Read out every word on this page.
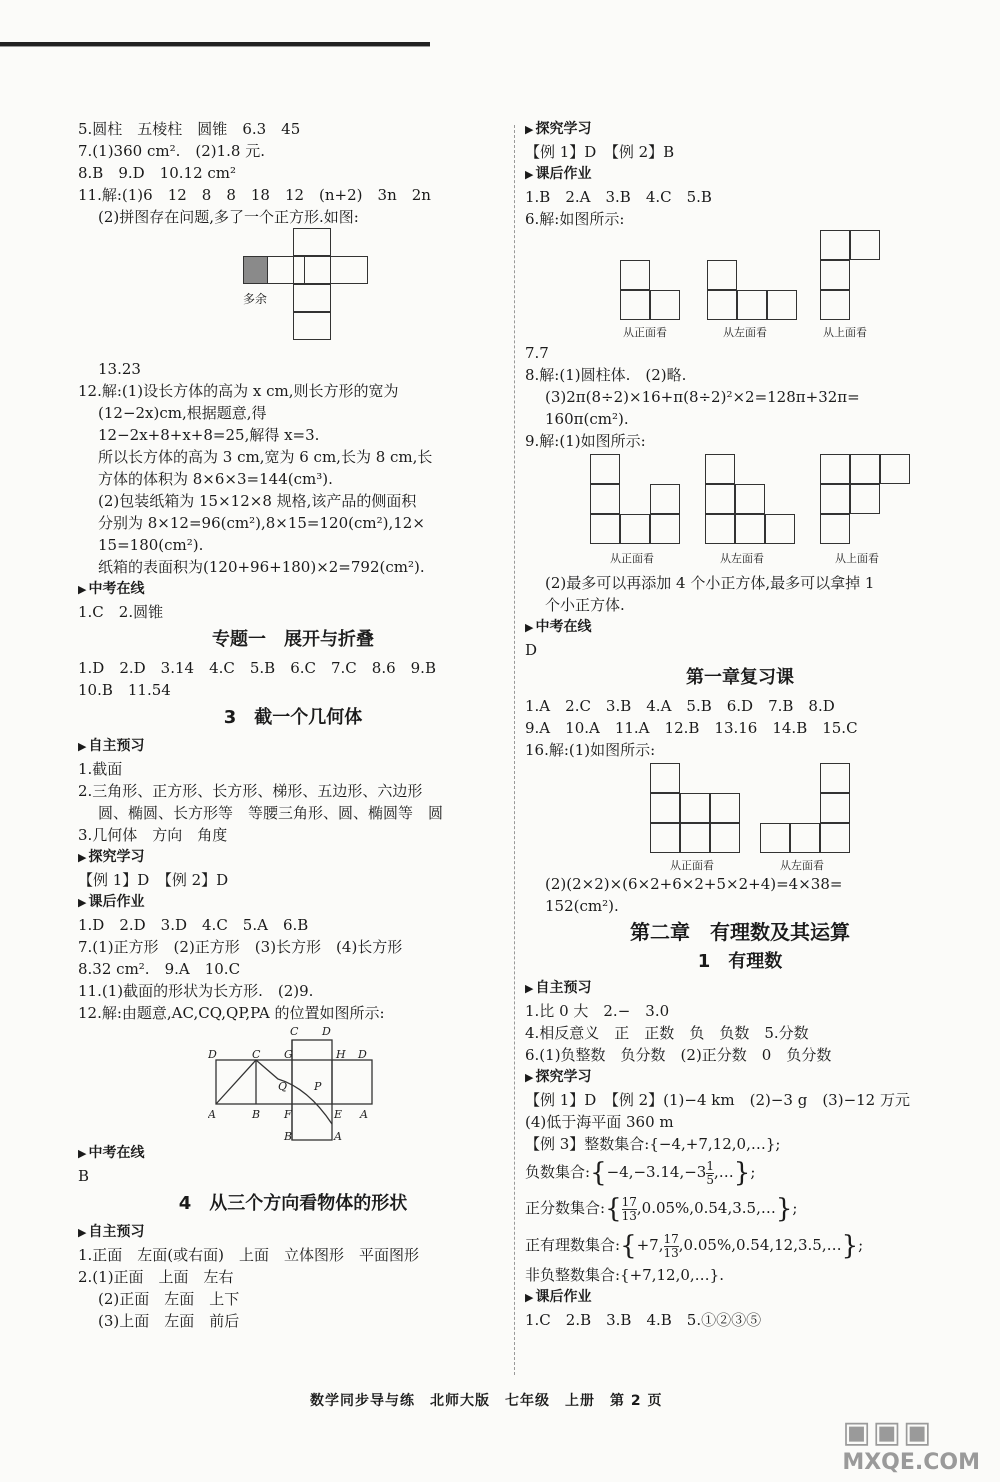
5.圆柱　五棱柱　圆锥　6.3　45
7.(1)360 cm².　(2)1.8 元.
8.B　9.D　10.12 cm²
11.解:(1)6　12　8　8　18　12　(n+2)　3n　2n
(2)拼图存在问题,多了一个正方形.如图:
多余
13.23
12.解:(1)设长方体的高为 x cm,则长方形的宽为
(12−2x)cm,根据题意,得
12−2x+8+x+8=25,解得 x=3.
所以长方体的高为 3 cm,宽为 6 cm,长为 8 cm,长
方体的体积为 8×6×3=144(cm³).
(2)包装纸箱为 15×12×8 规格,该产品的侧面积
分别为 8×12=96(cm²),8×15=120(cm²),12×
15=180(cm²).
纸箱的表面积为(120+96+180)×2=792(cm²).
▶ 中考在线
1.C　2.圆锥
专题一　展开与折叠
1.D　2.D　3.14　4.C　5.B　6.C　7.C　8.6　9.B
10.B　11.54
3　截一个几何体
▶ 自主预习
1.截面
2.三角形、正方形、长方形、梯形、五边形、六边形
圆、椭圆、长方形等　等腰三角形、圆、椭圆等　圆
3.几何体　方向　角度
▶ 探究学习
【例 1】D　【例 2】D
▶ 课后作业
1.D　2.D　3.D　4.C　5.A　6.B
7.(1)正方形　(2)正方形　(3)长方形　(4)长方形
8.32 cm².　9.A　10.C
11.(1)截面的形状为长方形.　(2)9.
12.解:由题意,AC,CQ,QP,PA 的位置如图所示:
C D
D	C G	H D
Q P
A	B F	E A
B	A
▶ 中考在线
B
4　从三个方向看物体的形状
▶ 自主预习
1.正面　左面(或右面)　上面　立体图形　平面图形
2.(1)正面　上面　左右
(2)正面　左面　上下
(3)上面　左面　前后
▶ 探究学习
【例 1】D　【例 2】B
▶ 课后作业
1.B　2.A　3.B　4.C　5.B
6.解:如图所示:
从正面看	从左面看	从上面看
7.7
8.解:(1)圆柱体.　(2)略.
(3)2π(8÷2)×16+π(8÷2)²×2=128π+32π=
160π(cm²).
9.解:(1)如图所示:
从正面看	从左面看	从上面看
(2)最多可以再添加 4 个小正方体,最多可以拿掉 1
个小正方体.
▶ 中考在线
D
第一章复习课
1.A　2.C　3.B　4.A　5.B　6.D　7.B　8.D
9.A　10.A　11.A　12.B　13.16　14.B　15.C
16.解:(1)如图所示:
从正面看	从左面看
(2)(2×2)×(6×2+6×2+5×2+4)=4×38=
152(cm²).
第二章　有理数及其运算
1　有理数
▶ 自主预习
1.比 0 大　2.−　3.0
4.相反意义　正　正数　负　负数　5.分数
6.(1)负整数　负分数　(2)正分数　0　负分数
▶ 探究学习
【例 1】D　【例 2】(1)−4 km　(2)−3 g　(3)−12 万元
(4)低于海平面 360 m
【例 3】整数集合:{−4,+7,12,0,…};
负数集合:{−4,−3.14,−3 $\frac{1}{5}$ ,…};
正分数集合:{ $\frac{17}{13}$ ,0.05%,0.54,3.5,…};
正有理数集合:{+7, $\frac{17}{13}$ ,0.05%,0.54,12,3.5,…};
非负整数集合:{+7,12,0,…}.
▶ 课后作业
1.C　2.B　3.B　4.B　5.①②③⑤
数学同步导与练　北师大版　七年级　上册　第 2 页
▣▣▣
MXQE.COM
